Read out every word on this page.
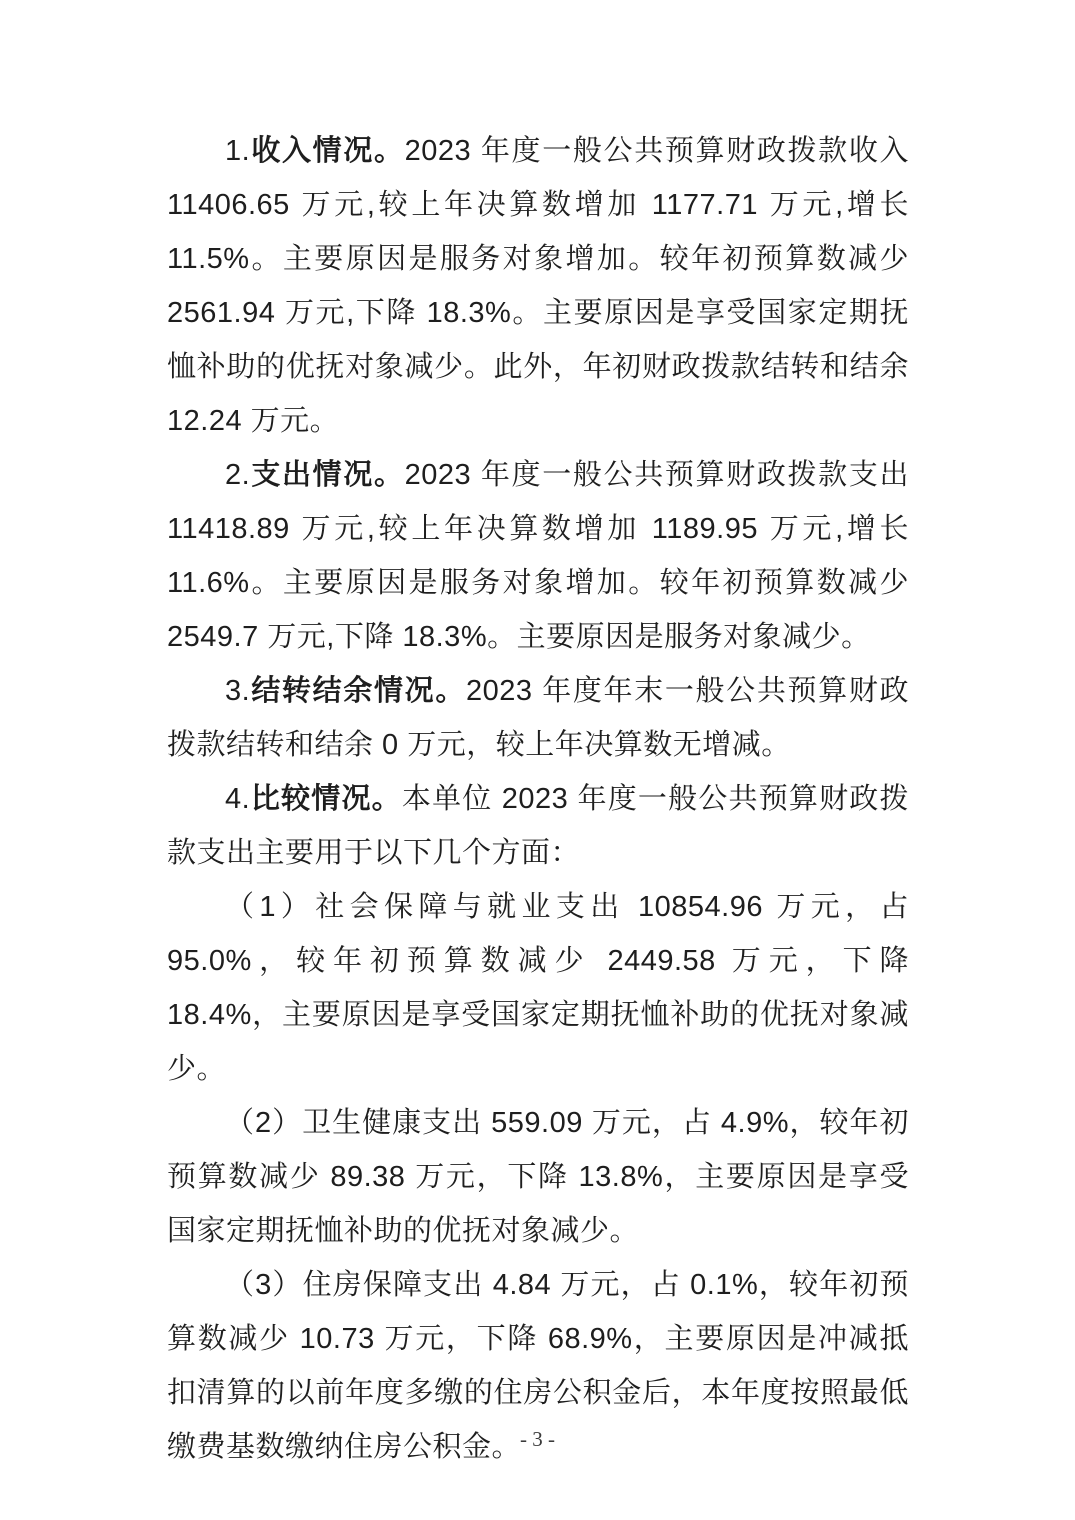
1.收入情况。2023 年度一般公共预算财政拨款收入 11406.65 万元,较上年决算数增加 1177.71 万元,增长 11.5%。主要原因是服务对象增加。较年初预算数减少 2561.94 万元,下降 18.3%。主要原因是享受国家定期抚恤补助的优抚对象减少。此外，年初财政拨款结转和结余 12.24 万元。

2.支出情况。2023 年度一般公共预算财政拨款支出 11418.89 万元,较上年决算数增加 1189.95 万元,增长 11.6%。主要原因是服务对象增加。较年初预算数减少 2549.7 万元,下降 18.3%。主要原因是服务对象减少。

3.结转结余情况。2023 年度年末一般公共预算财政拨款结转和结余 0 万元，较上年决算数无增减。

4.比较情况。本单位 2023 年度一般公共预算财政拨款支出主要用于以下几个方面：

（1）社会保障与就业支出 10854.96 万元，占 95.0%，较年初预算数减少 2449.58 万元，下降 18.4%，主要原因是享受国家定期抚恤补助的优抚对象减少。

（2）卫生健康支出 559.09 万元，占 4.9%，较年初预算数减少 89.38 万元，下降 13.8%，主要原因是享受国家定期抚恤补助的优抚对象减少。

（3）住房保障支出 4.84 万元，占 0.1%，较年初预算数减少 10.73 万元，下降 68.9%，主要原因是冲减抵扣清算的以前年度多缴的住房公积金后，本年度按照最低缴费基数缴纳住房公积金。

- 3 -
